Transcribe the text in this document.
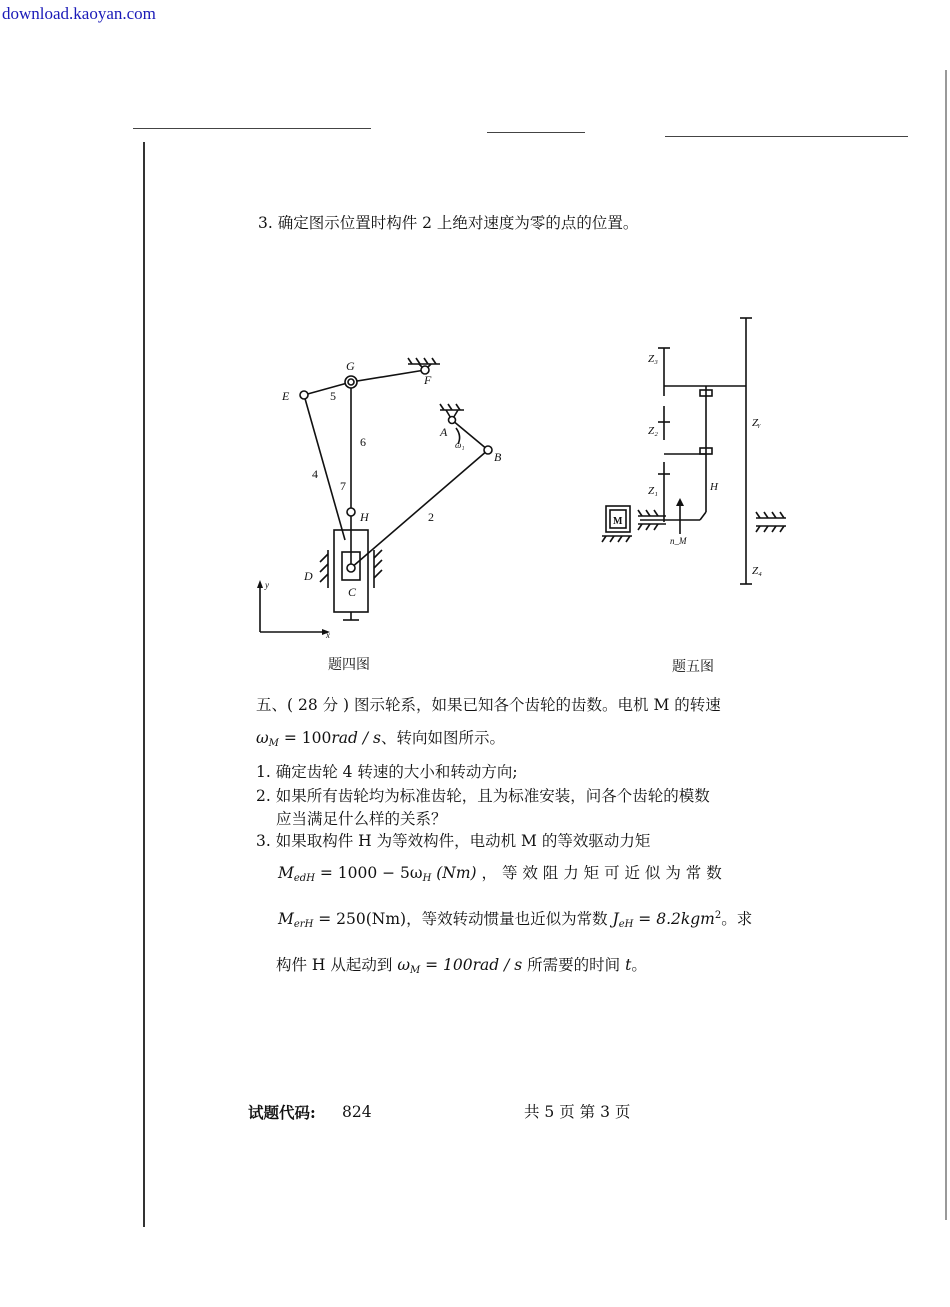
download.kaoyan.com
3. 确定图示位置时构件 2 上绝对速度为零的点的位置。
G
F
E	5
A
ω₁
B
6
4
7
H	2
D
C
y
x
题四图
Z₃
Z₂
Z₁
Zᵧ
Z₄
H
M
n_M
题五图
五、( 28 分 ) 图示轮系，如果已知各个齿轮的齿数。电机 M 的转速
$\omega_M = 100rad / s$、转向如图所示。
1. 确定齿轮 4 转速的大小和转动方向;
2. 如果所有齿轮均为标准齿轮，且为标准安装，问各个齿轮的模数
应当满足什么样的关系？
3. 如果取构件 H 为等效构件，电动机 M 的等效驱动力矩
$M_{edH} = 1000 - 5\omega_H$ (Nm) ， 等 效 阻 力 矩 可 近 似 为 常 数
$M_{erH} = 250(Nm)$，等效转动惯量也近似为常数 $J_{eH} = 8.2kgm^2$。求
构件 H 从起动到 $\omega_M = 100rad / s$ 所需要的时间 t。
试题代码: 824	共 5 页 第 3 页
